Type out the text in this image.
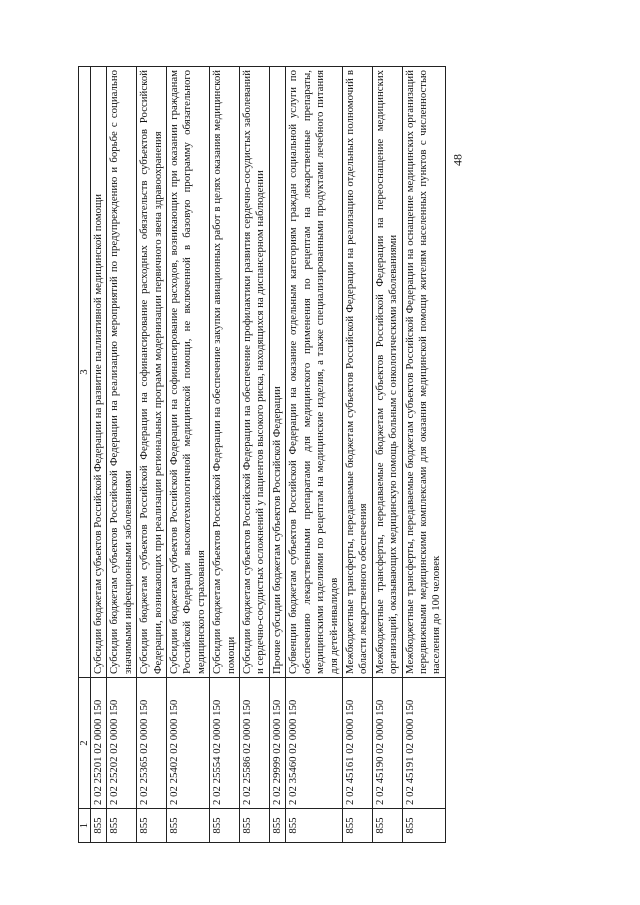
48
1	2	3
855	2 02 25201 02 0000 150	Субсидии бюджетам субъектов Российской Федерации на развитие паллиативной медицинской помощи
855	2 02 25202 02 0000 150	Субсидии бюджетам субъектов Российской Федерации на реализацию мероприятий по предупреждению и борьбе с социально значимыми инфекционными заболеваниями
855	2 02 25365 02 0000 150	Субсидии бюджетам субъектов Российской Федерации на софинансирование расходных обязательств субъектов Российской Федерации, возникающих при реализации региональных программ модернизации первичного звена здравоохранения
855	2 02 25402 02 0000 150	Субсидии бюджетам субъектов Российской Федерации на софинансирование расходов, возникающих при оказании гражданам Российской Федерации высокотехнологичной медицинской помощи, не включенной в базовую программу обязательного медицинского страхования
855	2 02 25554 02 0000 150	Субсидии бюджетам субъектов Российской Федерации на обеспечение закупки авиационных работ в целях оказания медицинской помощи
855	2 02 25586 02 0000 150	Субсидии бюджетам субъектов Российской Федерации на обеспечение профилактики развития сердечно-сосудистых заболеваний и сердечно-сосудистых осложнений у пациентов высокого риска, находящихся на диспансерном наблюдении
855	2 02 29999 02 0000 150	Прочие субсидии бюджетам субъектов Российской Федерации
855	2 02 35460 02 0000 150	Субвенции бюджетам субъектов Российской Федерации на оказание отдельным категориям граждан социальной услуги по обеспечению лекарственными препаратами для медицинского применения по рецептам на лекарственные препараты, медицинскими изделиями по рецептам на медицинские изделия, а также специализированными продуктами лечебного питания для детей-инвалидов
855	2 02 45161 02 0000 150	Межбюджетные трансферты, передаваемые бюджетам субъектов Российской Федерации на реализацию отдельных полномочий в области лекарственного обеспечения
855	2 02 45190 02 0000 150	Межбюджетные трансферты, передаваемые бюджетам субъектов Российской Федерации на переоснащение медицинских организаций, оказывающих медицинскую помощь больным с онкологическими заболеваниями
855	2 02 45191 02 0000 150	Межбюджетные трансферты, передаваемые бюджетам субъектов Российской Федерации на оснащение медицинских организаций передвижными медицинскими комплексами для оказания медицинской помощи жителям населенных пунктов с численностью населения до 100 человек
